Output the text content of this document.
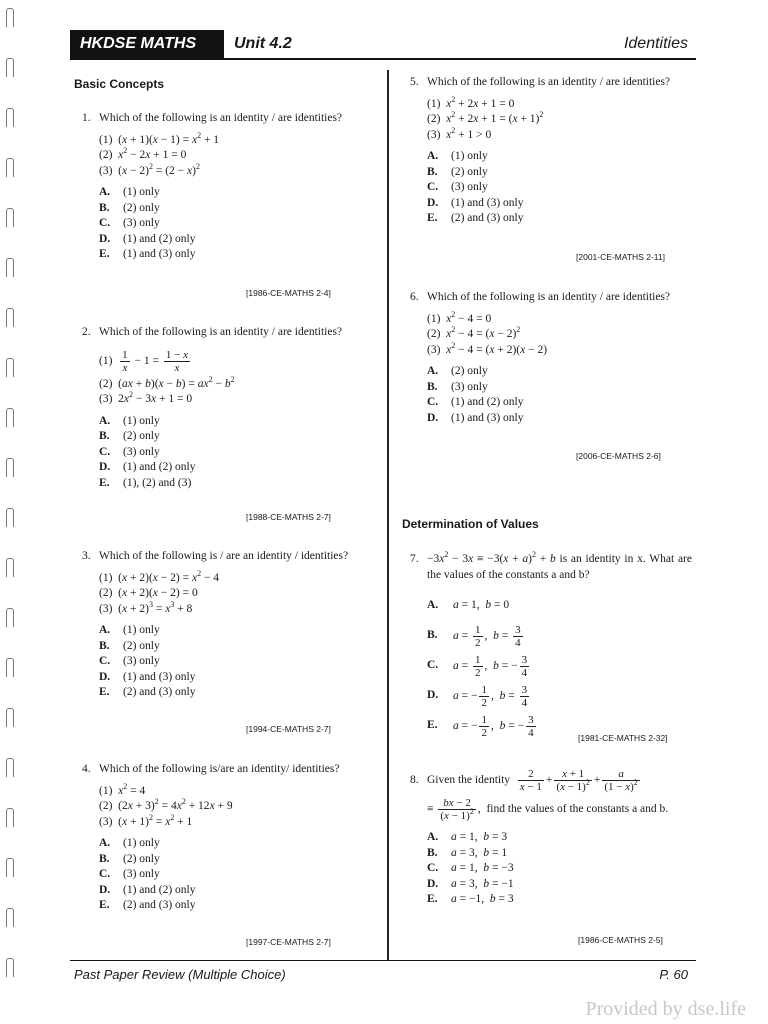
HKDSE MATHS	Unit 4.2	Identities
Basic Concepts
1. Which of the following is an identity / are identities?
(1)  $(x + 1)(x - 1) = x^2 + 1$
(2) $x^2 - 2x + 1 = 0$
(3)  $(x - 2)^2 = (2 - x)^2$
A.	(1) only
B.	(2) only
C.	(3) only
D.	(1) and (2) only
E.	(1) and (3) only
[1986-CE-MATHS 2-4]
2. Which of the following is an identity / are identities?
(1)
$\frac{1}{x} - 1 = \frac{1 - x}{x}$
(2)  $(ax + b)(x - b) = ax^2 - b^2$
(3)  $2x^2 - 3x + 1 = 0$
A.	(1) only
B.	(2) only
C.	(3) only
D.	(1) and (2) only
E.	(1), (2) and (3)
[1988-CE-MATHS 2-7]
3. Which of the following is / are an identity / identities?
(1)  $(x + 2)(x - 2) = x^2 - 4$
(2)  (x + 2)(x − 2) = 0
(3)  $(x + 2)^3 = x^3 + 8$
A.	(1) only
B.	(2) only
C.	(3) only
D.	(1) and (3) only
E.	(2) and (3) only
[1994-CE-MATHS 2-7]
4. Which of the following is/are an identity/ identities?
(1) $x^2 = 4$
(2)  $(2x + 3)^2 = 4x^2 + 12x + 9$
(3)  $(x + 1)^2 = x^2 + 1$
A.	(1) only
B.	(2) only
C.	(3) only
D.	(1) and (2) only
E.	(2) and (3) only
[1997-CE-MATHS 2-7]
5. Which of the following is an identity / are identities?
(1) $x^2 + 2x + 1 = 0$
(2) $x^2 + 2x + 1 = (x + 1)^2$
(3) $x^2 + 1 > 0$
A.	(1) only
B.	(2) only
C.	(3) only
D.	(1) and (3) only
E.	(2) and (3) only
[2001-CE-MATHS 2-11]
6. Which of the following is an identity / are identities?
(1) $x^2 - 4 = 0$
(2) $x^2 - 4 = (x - 2)^2$
(3) $x^2 - 4 = (x + 2)(x - 2)$
A.	(2) only
B.	(3) only
C.	(1) and (2) only
D.	(1) and (3) only
[2006-CE-MATHS 2-6]
Determination of Values
7. $-3x^2 - 3x \equiv -3(x + a)^2 + b$ is an identity in x. What are the values of the constants a and b?
A.	a = 1,  b = 0
B.	$a = \frac{1}{2}$ ,  $b = \frac{3}{4}$
C.	$a = \frac{1}{2}$ ,  b = − $\frac{3}{4}$
D.	a = − $\frac{1}{2}$ ,  $b = \frac{3}{4}$
E.	a = − $\frac{1}{2}$ ,  b = − $\frac{3}{4}$	[1981-CE-MATHS 2-32]
8. Given the identity $\frac{2}{x - 1} + \frac{x + 1}{(x - 1)^2} + \frac{a}{(1 - x)^2}$
≡ $\frac{bx - 2}{(x - 1)^2}$ , find the values of the constants a and b.
A.	a = 1,  b = 3
B.	a = 3,  b = 1
C.	a = 1,  b = −3
D.	a = 3,  b = −1
E.	a = −1,  b = 3
[1986-CE-MATHS 2-5]
Past Paper Review (Multiple Choice)	P. 60
Provided by dse.life
